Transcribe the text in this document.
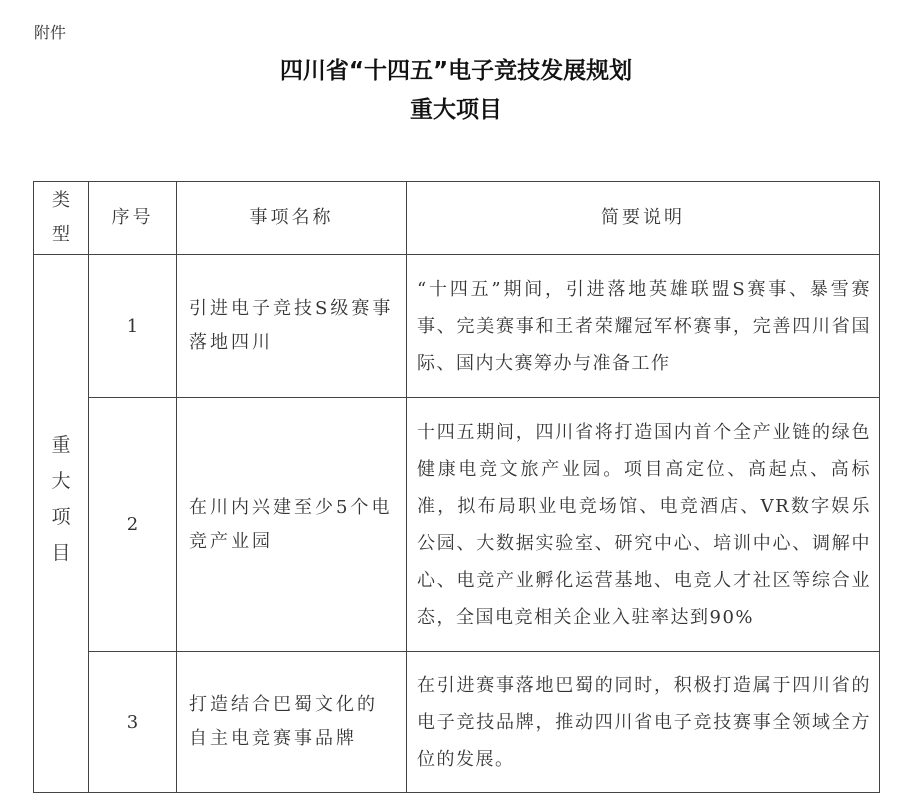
附件
四川省“十四五”电子竞技发展规划
重大项目
类型	序号	事项名称	简要说明
重大项目	1	引进电子竞技S级赛事落地四川	“十四五”期间，引进落地英雄联盟S赛事、暴雪赛事、完美赛事和王者荣耀冠军杯赛事，完善四川省国际、国内大赛筹办与准备工作
	2	在川内兴建至少5个电竞产业园	十四五期间，四川省将打造国内首个全产业链的绿色健康电竞文旅产业园。项目高定位、高起点、高标准，拟布局职业电竞场馆、电竞酒店、VR数字娱乐公园、大数据实验室、研究中心、培训中心、调解中心、电竞产业孵化运营基地、电竞人才社区等综合业态，全国电竞相关企业入驻率达到90%
	3	打造结合巴蜀文化的自主电竞赛事品牌	在引进赛事落地巴蜀的同时，积极打造属于四川省的电子竞技品牌，推动四川省电子竞技赛事全领域全方位的发展。
